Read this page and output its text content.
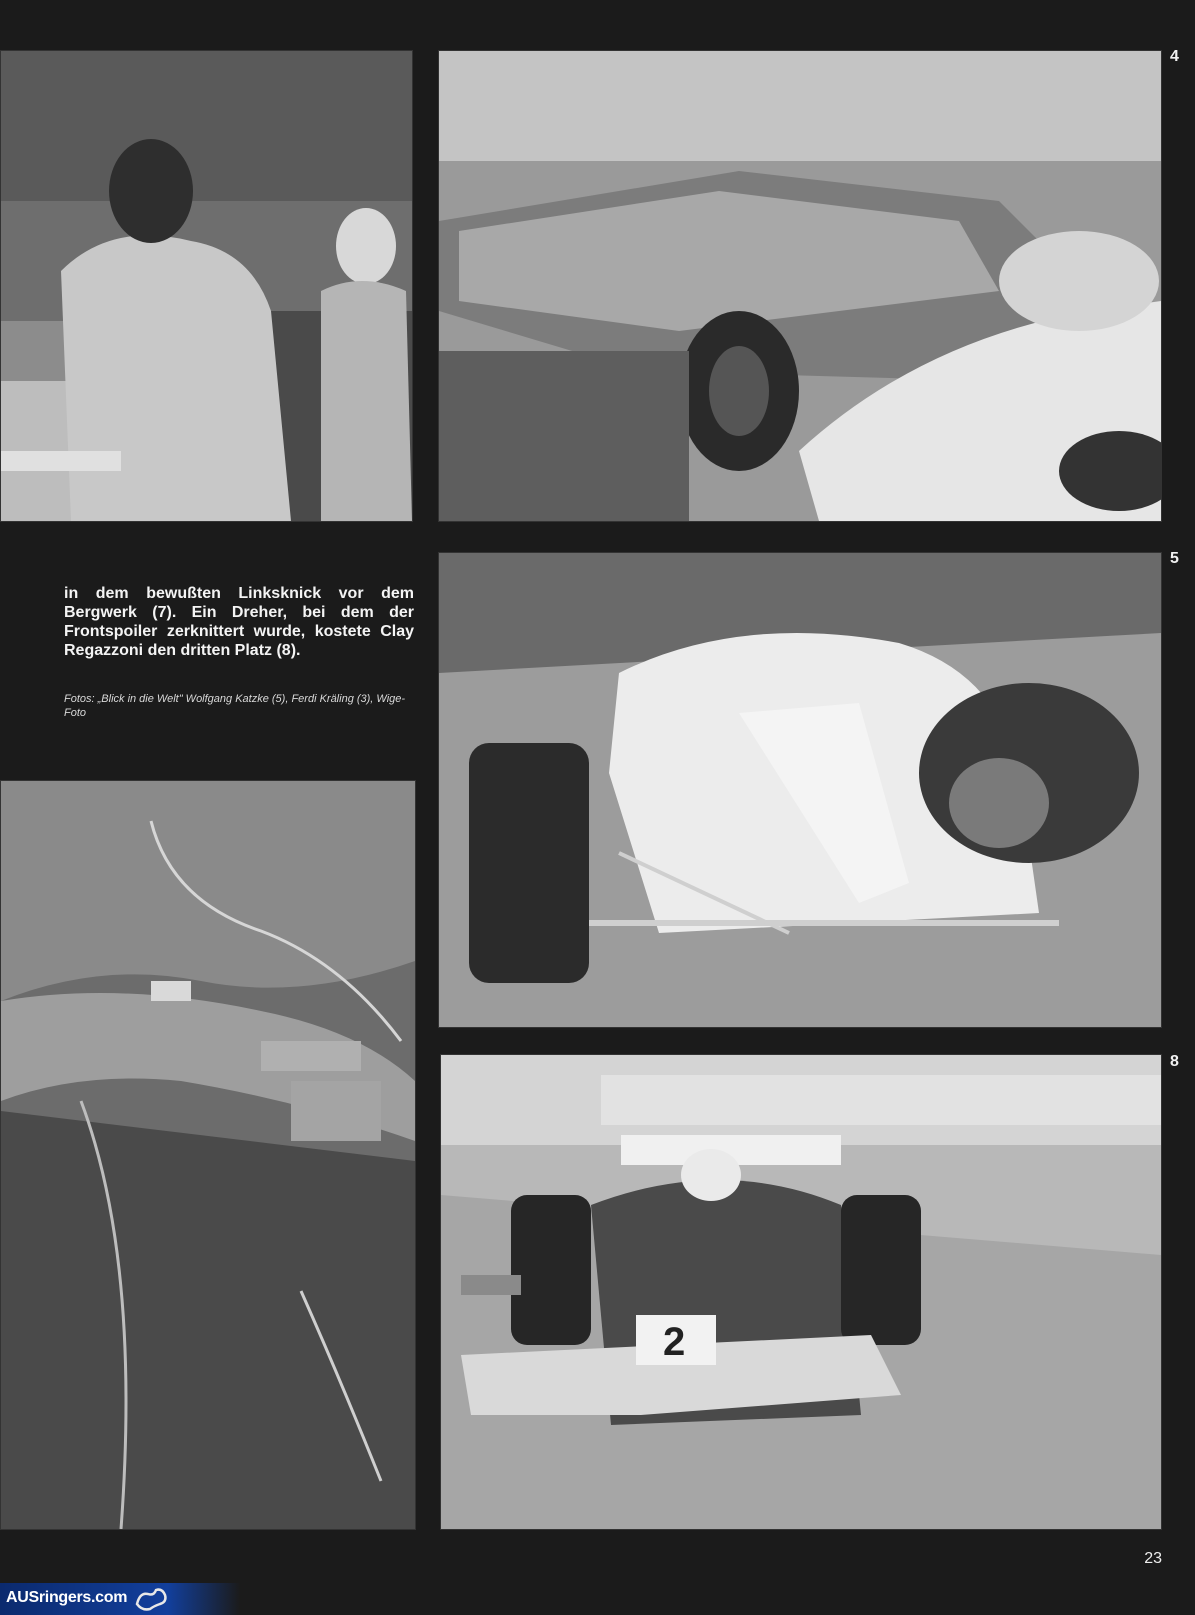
4
in dem bewußten Linksknick vor dem Bergwerk (7). Ein Dreher, bei dem der Frontspoiler zerknittert wurde, kostete Clay Regazzoni den dritten Platz (8).
Fotos: „Blick in die Welt" Wolfgang Katzke (5), Ferdi Kräling (3), Wige-Foto
5
2
8
23
AUSringers.com
